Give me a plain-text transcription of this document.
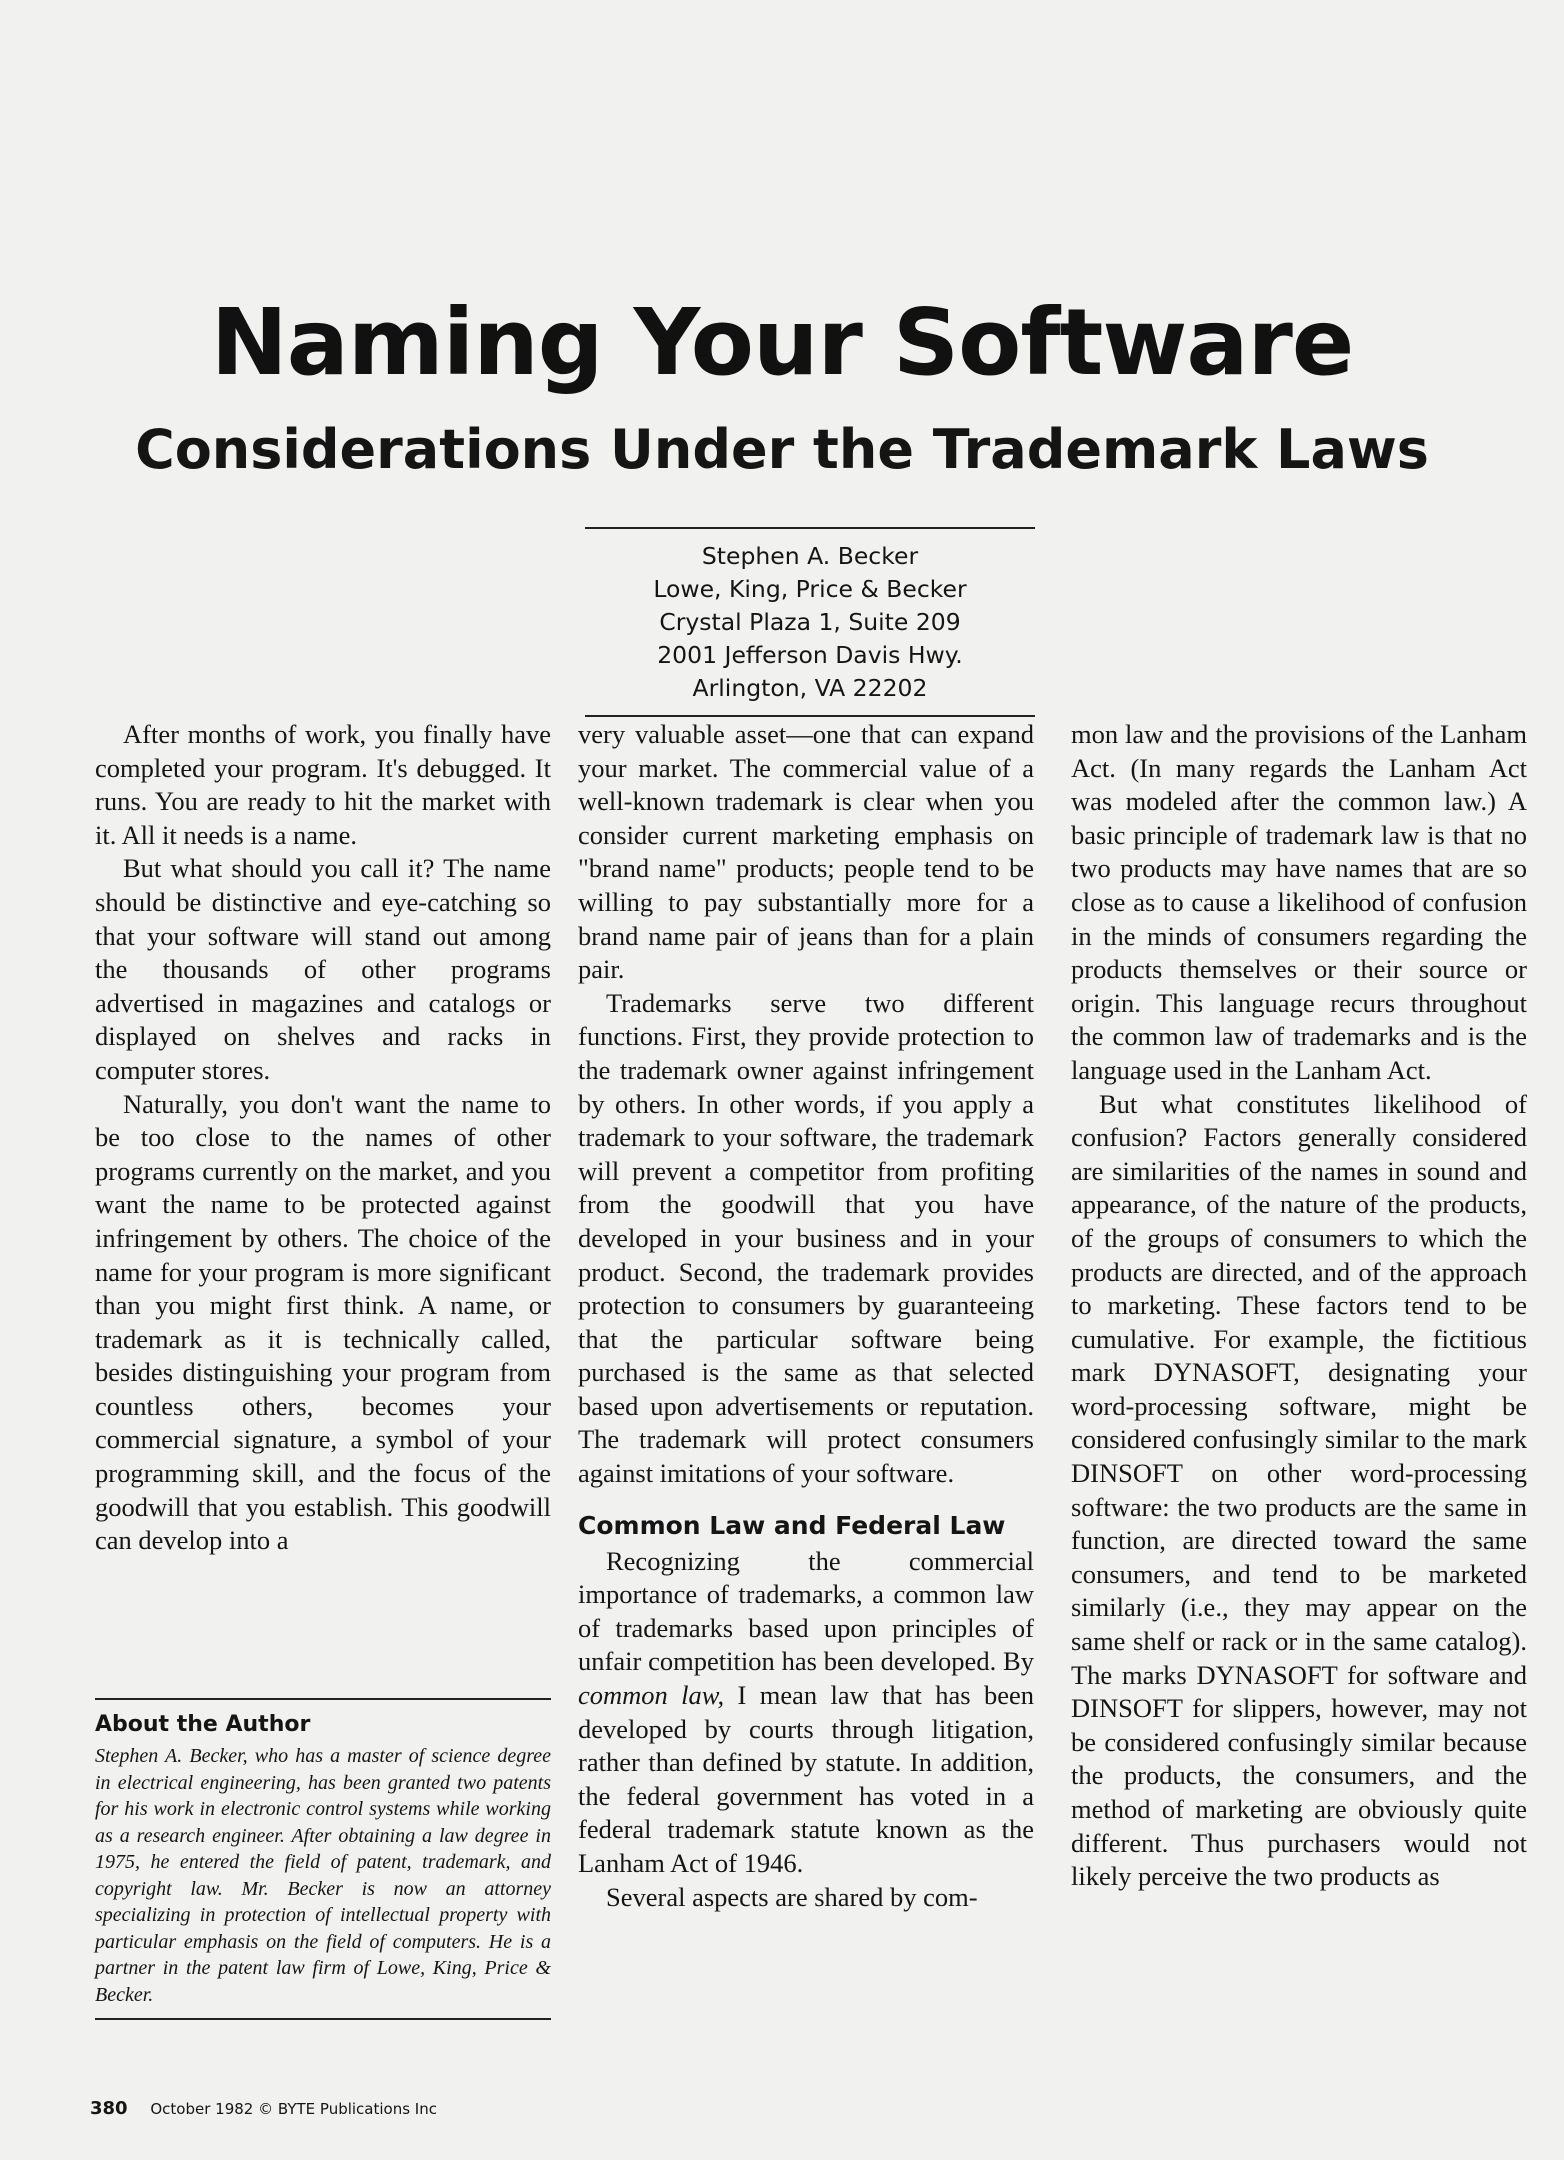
Naming Your Software
Considerations Under the Trademark Laws
Stephen A. Becker
Lowe, King, Price & Becker
Crystal Plaza 1, Suite 209
2001 Jefferson Davis Hwy.
Arlington, VA 22202

After months of work, you finally have completed your program. It's debugged. It runs. You are ready to hit the market with it. All it needs is a name.

But what should you call it? The name should be distinctive and eye-catching so that your software will stand out among the thousands of other programs advertised in magazines and catalogs or displayed on shelves and racks in computer stores.

Naturally, you don't want the name to be too close to the names of other programs currently on the market, and you want the name to be protected against infringement by others. The choice of the name for your program is more significant than you might first think. A name, or trademark as it is technically called, besides distinguishing your program from countless others, becomes your commercial signature, a symbol of your programming skill, and the focus of the goodwill that you establish. This goodwill can develop into a

About the Author

Stephen A. Becker, who has a master of science degree in electrical engineering, has been granted two patents for his work in electronic control systems while working as a research engineer. After obtaining a law degree in 1975, he entered the field of patent, trademark, and copyright law. Mr. Becker is now an attorney specializing in protection of intellectual property with particular emphasis on the field of computers. He is a partner in the patent law firm of Lowe, King, Price & Becker.

very valuable asset—one that can expand your market. The commercial value of a well-known trademark is clear when you consider current marketing emphasis on "brand name" products; people tend to be willing to pay substantially more for a brand name pair of jeans than for a plain pair.

Trademarks serve two different functions. First, they provide protection to the trademark owner against infringement by others. In other words, if you apply a trademark to your software, the trademark will prevent a competitor from profiting from the goodwill that you have developed in your business and in your product. Second, the trademark provides protection to consumers by guaranteeing that the particular software being purchased is the same as that selected based upon advertisements or reputation. The trademark will protect consumers against imitations of your software.

Common Law and Federal Law

Recognizing the commercial importance of trademarks, a common law of trademarks based upon principles of unfair competition has been developed. By common law, I mean law that has been developed by courts through litigation, rather than defined by statute. In addition, the federal government has voted in a federal trademark statute known as the Lanham Act of 1946.

Several aspects are shared by com-

mon law and the provisions of the Lanham Act. (In many regards the Lanham Act was modeled after the common law.) A basic principle of trademark law is that no two products may have names that are so close as to cause a likelihood of confusion in the minds of consumers regarding the products themselves or their source or origin. This language recurs throughout the common law of trademarks and is the language used in the Lanham Act.

But what constitutes likelihood of confusion? Factors generally considered are similarities of the names in sound and appearance, of the nature of the products, of the groups of consumers to which the products are directed, and of the approach to marketing. These factors tend to be cumulative. For example, the fictitious mark DYNASOFT, designating your word-processing software, might be considered confusingly similar to the mark DINSOFT on other word-processing software: the two products are the same in function, are directed toward the same consumers, and tend to be marketed similarly (i.e., they may appear on the same shelf or rack or in the same catalog). The marks DYNASOFT for software and DINSOFT for slippers, however, may not be considered confusingly similar because the products, the consumers, and the method of marketing are obviously quite different. Thus purchasers would not likely perceive the two products as

380 October 1982 © BYTE Publications Inc
